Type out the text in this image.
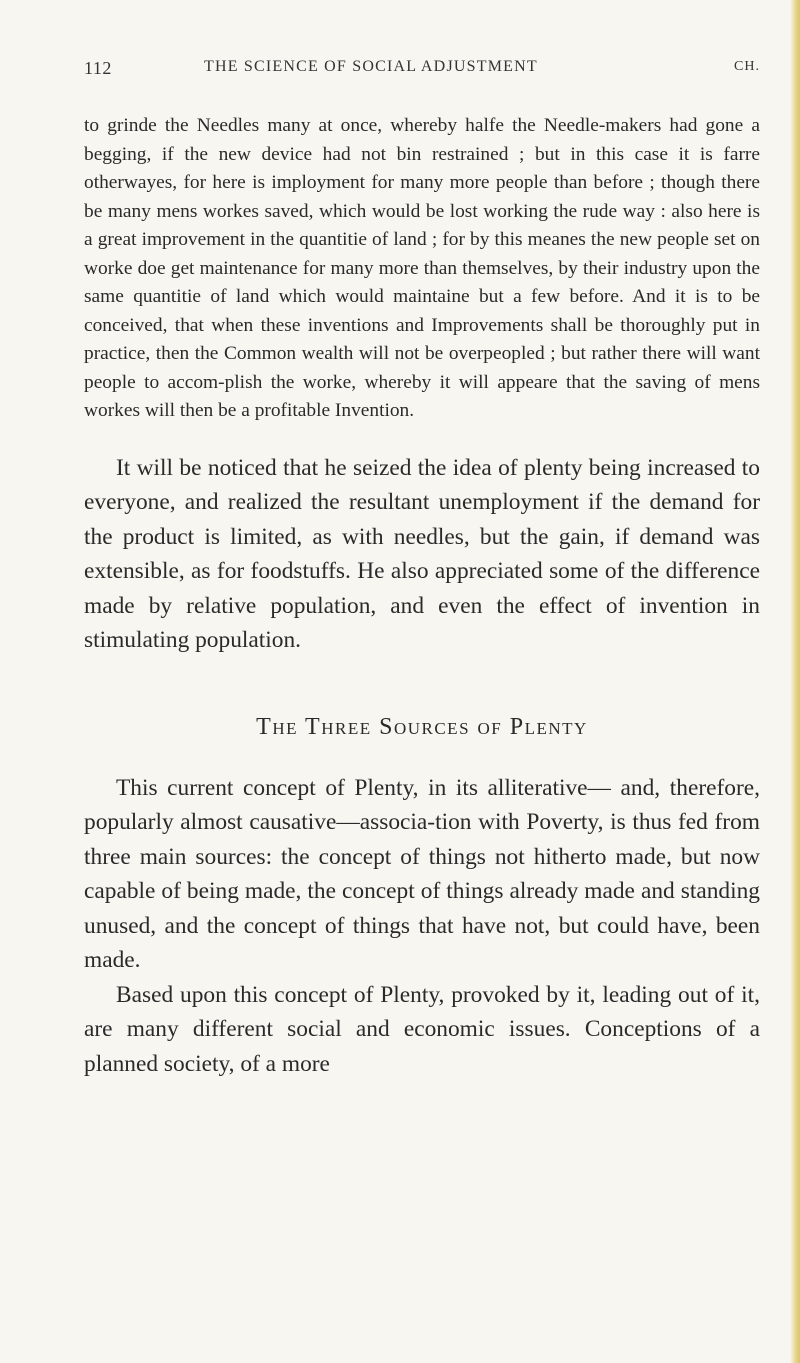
112	THE SCIENCE OF SOCIAL ADJUSTMENT	CH.

to grinde the Needles many at once, whereby halfe the Needle-makers had gone a begging, if the new device had not bin restrained ; but in this case it is farre otherwayes, for here is imployment for many more people than before ; though there be many mens workes saved, which would be lost working the rude way : also here is a great improvement in the quantitie of land ; for by this meanes the new people set on worke doe get maintenance for many more than themselves, by their industry upon the same quantitie of land which would maintaine but a few before. And it is to be conceived, that when these inventions and Improvements shall be thoroughly put in practice, then the Common wealth will not be overpeopled ; but rather there will want people to accom-plish the worke, whereby it will appeare that the saving of mens workes will then be a profitable Invention.

It will be noticed that he seized the idea of plenty being increased to everyone, and realized the resultant unemployment if the demand for the product is limited, as with needles, but the gain, if demand was extensible, as for foodstuffs. He also appreciated some of the difference made by relative population, and even the effect of invention in stimulating population.

The Three Sources of Plenty

This current concept of Plenty, in its alliterative— and, therefore, popularly almost causative—associa-tion with Poverty, is thus fed from three main sources: the concept of things not hitherto made, but now capable of being made, the concept of things already made and standing unused, and the concept of things that have not, but could have, been made.

Based upon this concept of Plenty, provoked by it, leading out of it, are many different social and economic issues. Conceptions of a planned society, of a more
